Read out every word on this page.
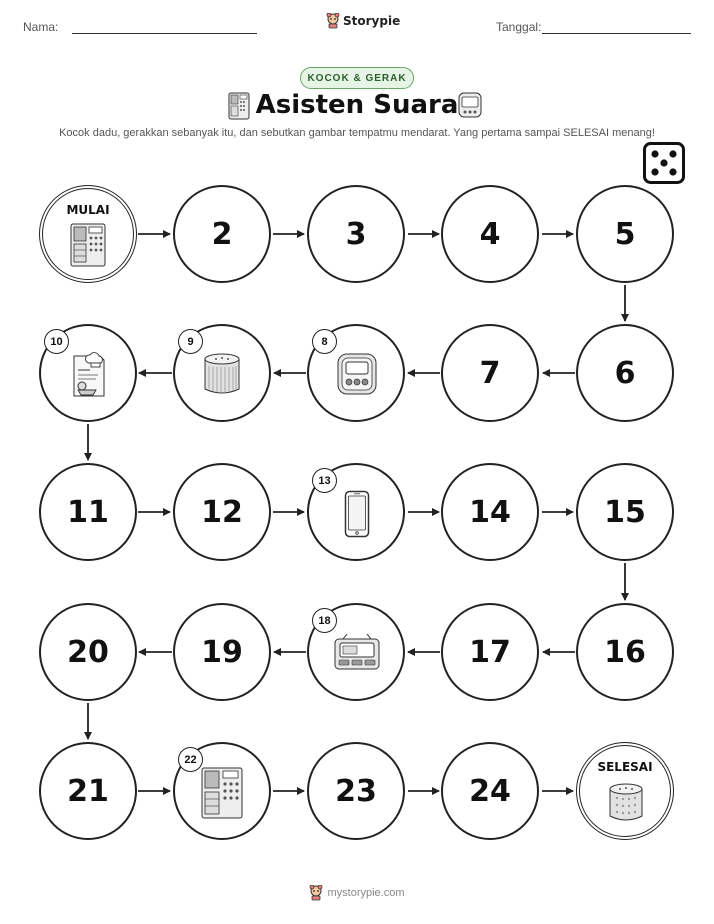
Nama:	Storypie	Tanggal:
KOCOK & GERAK
Asisten Suara
Kocok dadu, gerakkan sebanyak itu, dan sebutkan gambar tempatmu mendarat. Yang pertama sampai SELESAI menang!
MULAI
2	3	4	5
10	9	8
7	6
11	12
13
14	15
20	19
18
17	16
21
22
23	24
SELESAI
mystorypie.com
